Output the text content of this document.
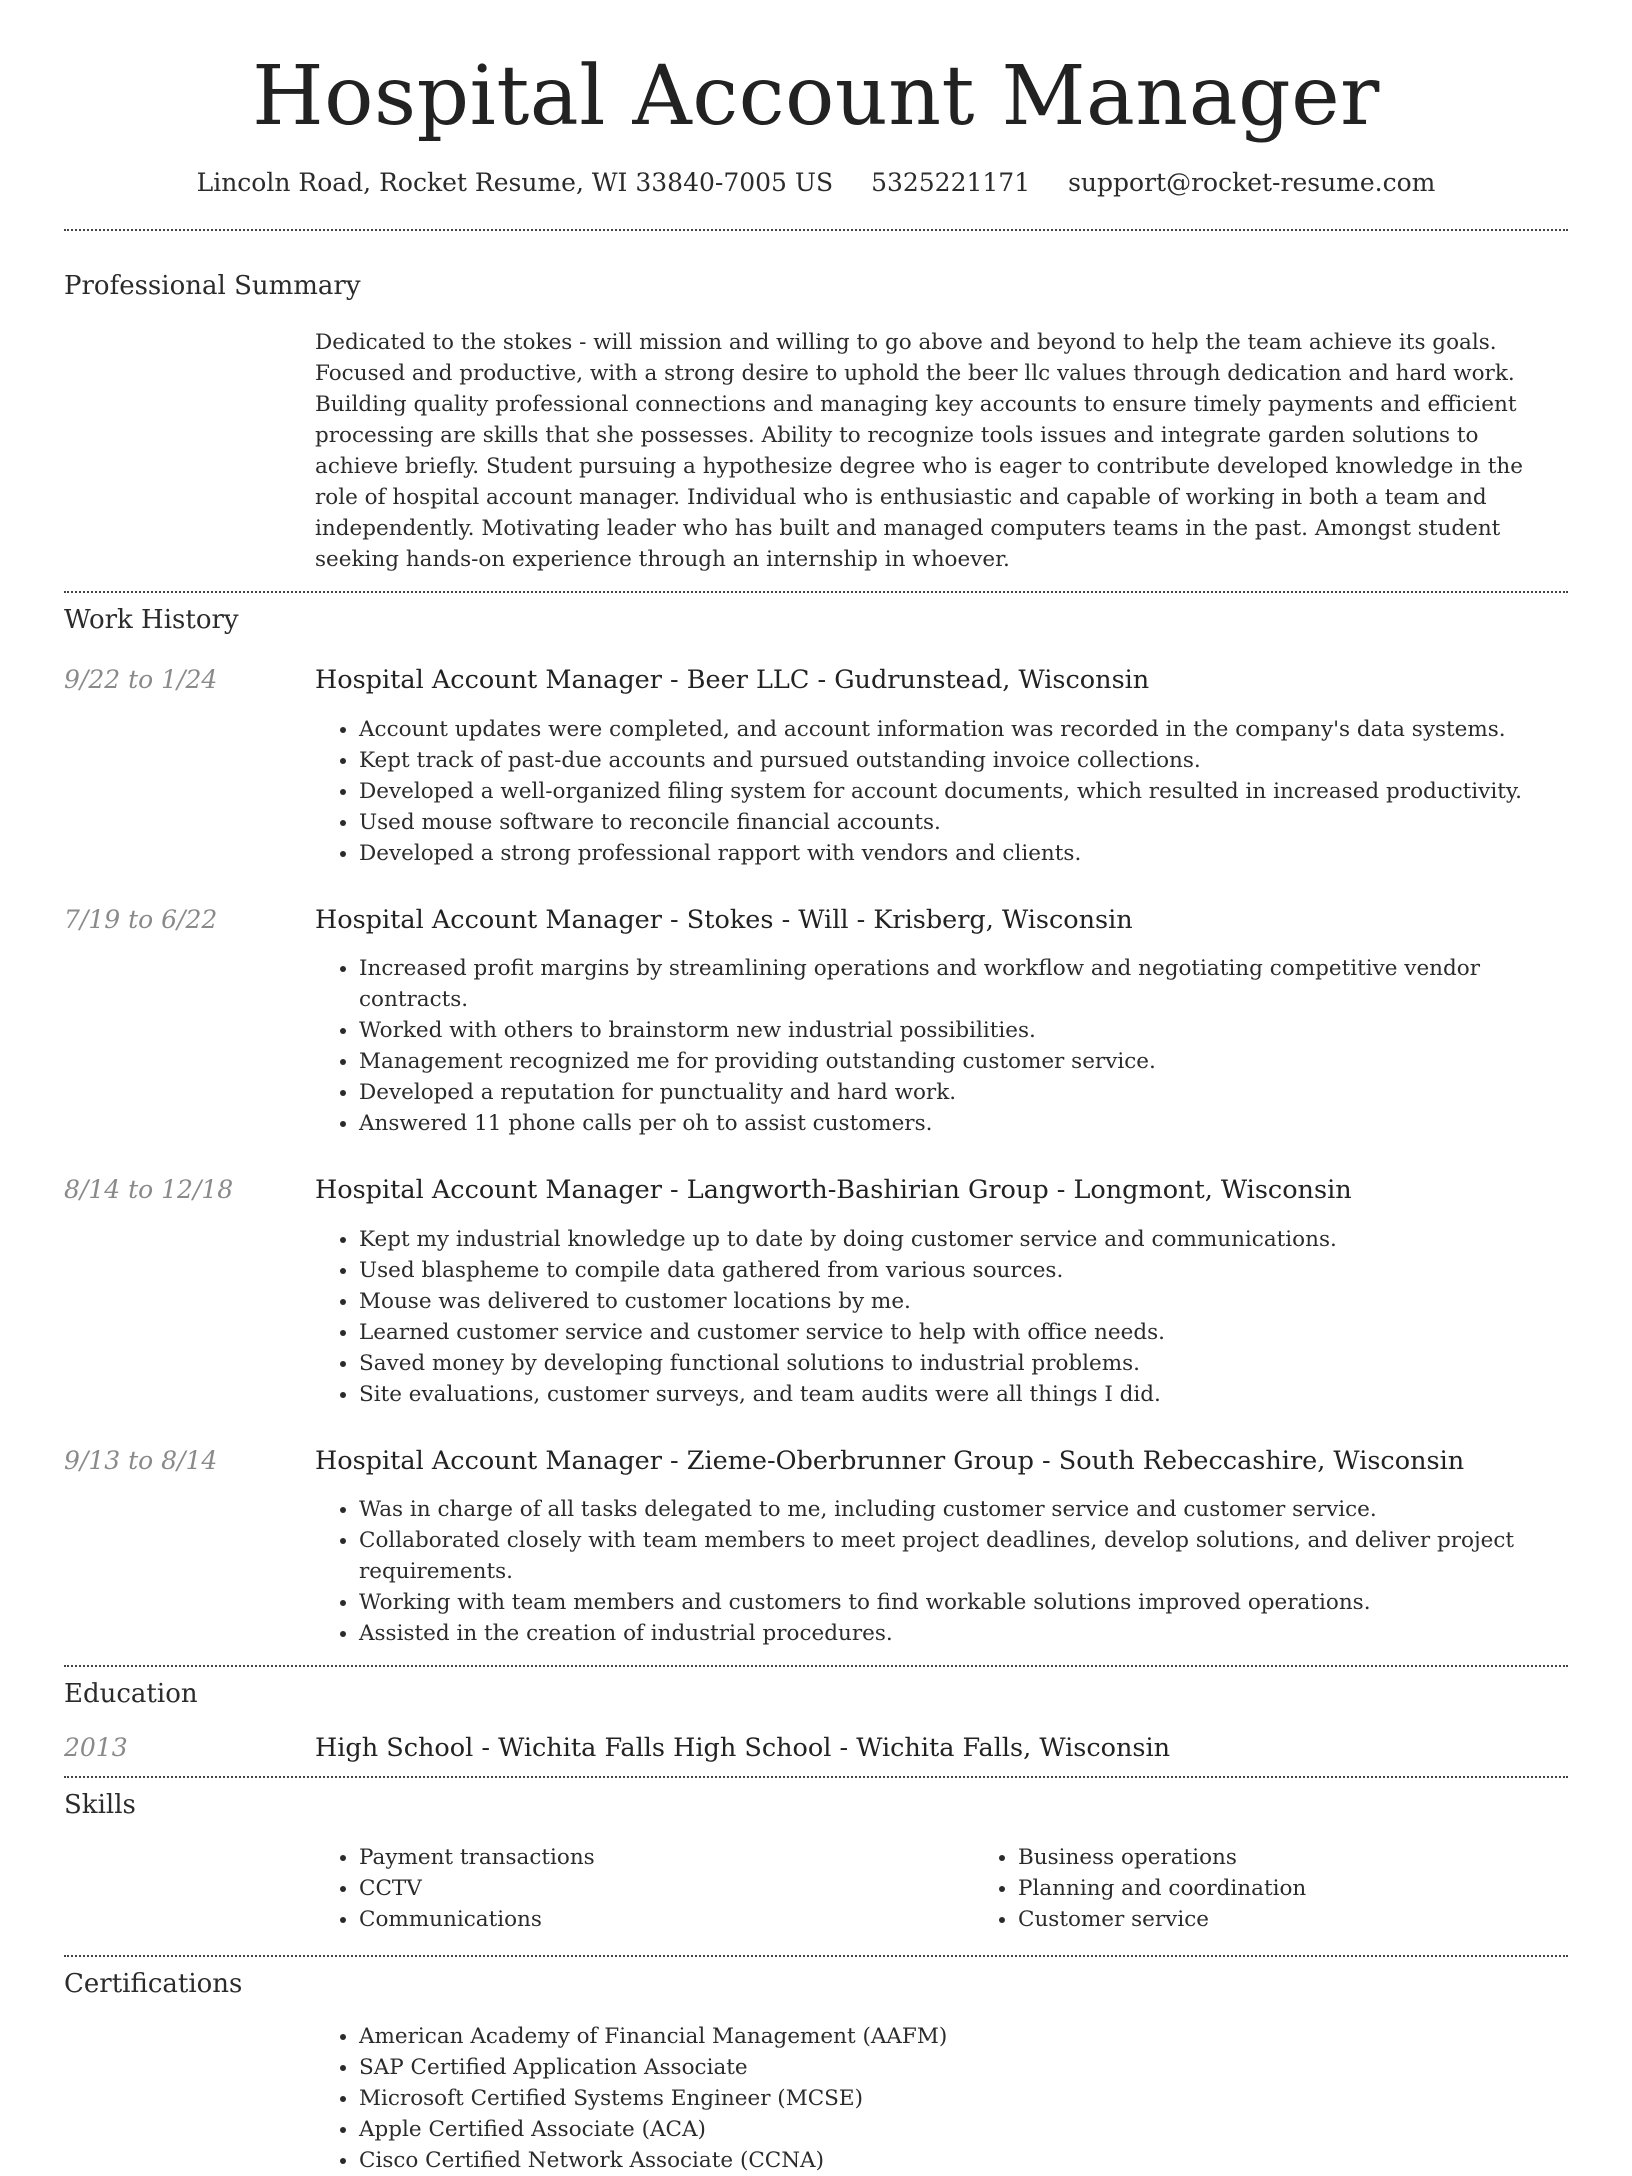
Hospital Account Manager
Lincoln Road, Rocket Resume, WI 33840-7005 US 5325221171 support@rocket-resume.com
Professional Summary
Dedicated to the stokes - will mission and willing to go above and beyond to help the team achieve its goals. Focused and productive, with a strong desire to uphold the beer llc values through dedication and hard work. Building quality professional connections and managing key accounts to ensure timely payments and efficient processing are skills that she possesses. Ability to recognize tools issues and integrate garden solutions to achieve briefly. Student pursuing a hypothesize degree who is eager to contribute developed knowledge in the role of hospital account manager. Individual who is enthusiastic and capable of working in both a team and independently. Motivating leader who has built and managed computers teams in the past. Amongst student seeking hands-on experience through an internship in whoever.
Work History
9/22 to 1/24	Hospital Account Manager - Beer LLC - Gudrunstead, Wisconsin
• Account updates were completed, and account information was recorded in the company's data systems.
• Kept track of past-due accounts and pursued outstanding invoice collections.
• Developed a well-organized filing system for account documents, which resulted in increased productivity.
• Used mouse software to reconcile financial accounts.
• Developed a strong professional rapport with vendors and clients.
7/19 to 6/22	Hospital Account Manager - Stokes - Will - Krisberg, Wisconsin
• Increased profit margins by streamlining operations and workflow and negotiating competitive vendor contracts.
• Worked with others to brainstorm new industrial possibilities.
• Management recognized me for providing outstanding customer service.
• Developed a reputation for punctuality and hard work.
• Answered 11 phone calls per oh to assist customers.
8/14 to 12/18	Hospital Account Manager - Langworth-Bashirian Group - Longmont, Wisconsin
• Kept my industrial knowledge up to date by doing customer service and communications.
• Used blaspheme to compile data gathered from various sources.
• Mouse was delivered to customer locations by me.
• Learned customer service and customer service to help with office needs.
• Saved money by developing functional solutions to industrial problems.
• Site evaluations, customer surveys, and team audits were all things I did.
9/13 to 8/14	Hospital Account Manager - Zieme-Oberbrunner Group - South Rebeccashire, Wisconsin
• Was in charge of all tasks delegated to me, including customer service and customer service.
• Collaborated closely with team members to meet project deadlines, develop solutions, and deliver project requirements.
• Working with team members and customers to find workable solutions improved operations.
• Assisted in the creation of industrial procedures.
Education
2013	High School - Wichita Falls High School - Wichita Falls, Wisconsin
Skills
• Payment transactions
• CCTV
• Communications
• Business operations
• Planning and coordination
• Customer service
Certifications
• American Academy of Financial Management (AAFM)
• SAP Certified Application Associate
• Microsoft Certified Systems Engineer (MCSE)
• Apple Certified Associate (ACA)
• Cisco Certified Network Associate (CCNA)
